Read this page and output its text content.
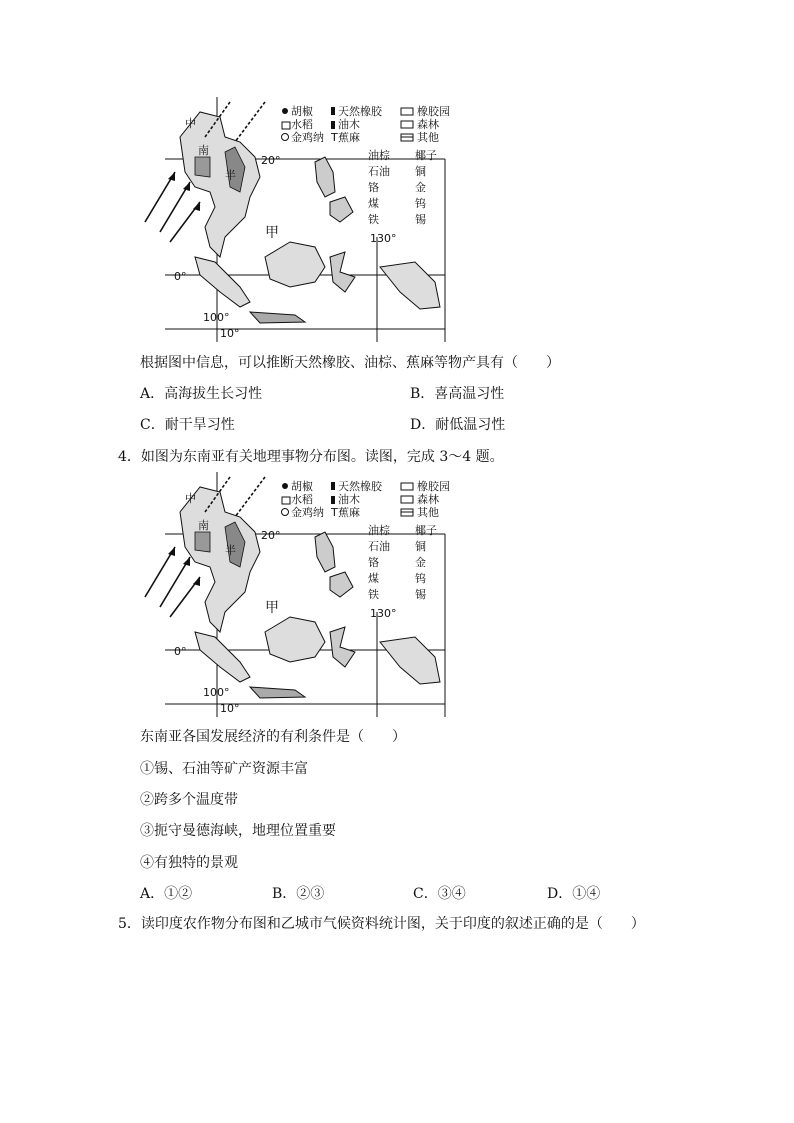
中
南
半
甲
20°
0°
10°
100°
130°
胡椒
水稻
金鸡纳
天然橡胶
油木
T 蕉麻
橡胶园
森林
其他
油棕
石油
铬
煤
铁
椰子
铜
金
钨
锡
根据图中信息，可以推断天然橡胶、油棕、蕉麻等物产具有（　　）
A．高海拔生长习性	B．喜高温习性
C．耐干旱习性	D．耐低温习性
4．如图为东南亚有关地理事物分布图。读图，完成 3～4 题。
中
南
半
甲
20°
0°
10°
100°
130°
胡椒
水稻
金鸡纳
天然橡胶
油木
T 蕉麻
橡胶园
森林
其他
油棕
石油
铬
煤
铁
椰子
铜
金
钨
锡
东南亚各国发展经济的有利条件是（　　）
①锡、石油等矿产资源丰富
②跨多个温度带
③扼守曼德海峡，地理位置重要
④有独特的景观
A．①②	B．②③	C．③④	D．①④
5．读印度农作物分布图和乙城市气候资料统计图，关于印度的叙述正确的是（　　）
